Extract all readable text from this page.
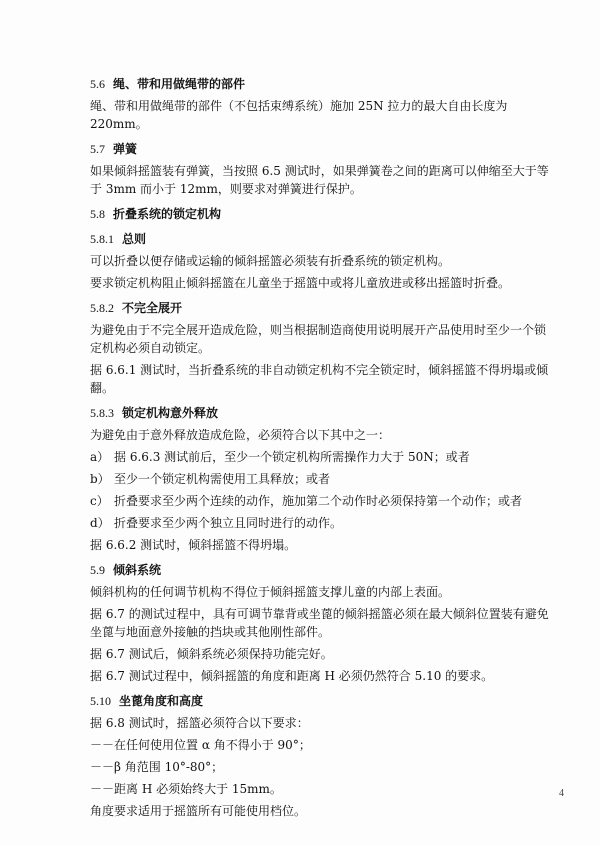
5.6 绳、带和用做绳带的部件
绳、带和用做绳带的部件（不包括束缚系统）施加 25N 拉力的最大自由长度为 220mm。
5.7 弹簧
如果倾斜摇篮装有弹簧，当按照 6.5 测试时，如果弹簧卷之间的距离可以伸缩至大于等于 3mm 而小于 12mm，则要求对弹簧进行保护。
5.8 折叠系统的锁定机构
5.8.1 总则
可以折叠以便存储或运输的倾斜摇篮必须装有折叠系统的锁定机构。
要求锁定机构阻止倾斜摇篮在儿童坐于摇篮中或将儿童放进或移出摇篮时折叠。
5.8.2 不完全展开
为避免由于不完全展开造成危险，则当根据制造商使用说明展开产品使用时至少一个锁定机构必须自动锁定。
据 6.6.1 测试时，当折叠系统的非自动锁定机构不完全锁定时，倾斜摇篮不得坍塌或倾翻。
5.8.3 锁定机构意外释放
为避免由于意外释放造成危险，必须符合以下其中之一：
a） 据 6.6.3 测试前后，至少一个锁定机构所需操作力大于 50N；或者
b） 至少一个锁定机构需使用工具释放；或者
c） 折叠要求至少两个连续的动作，施加第二个动作时必须保持第一个动作；或者
d） 折叠要求至少两个独立且同时进行的动作。
据 6.6.2 测试时，倾斜摇篮不得坍塌。
5.9 倾斜系统
倾斜机构的任何调节机构不得位于倾斜摇篮支撑儿童的内部上表面。
据 6.7 的测试过程中，具有可调节靠背或坐蓖的倾斜摇篮必须在最大倾斜位置装有避免坐蓖与地面意外接触的挡块或其他刚性部件。
据 6.7 测试后，倾斜系统必须保持功能完好。
据 6.7 测试过程中，倾斜摇篮的角度和距离 H 必须仍然符合 5.10 的要求。
5.10 坐蓖角度和高度
据 6.8 测试时，摇篮必须符合以下要求：
－－在任何使用位置 α 角不得小于 90°；
－－β 角范围 10°-80°；
－－距离 H 必须始终大于 15mm。
角度要求适用于摇篮所有可能使用档位。
4
